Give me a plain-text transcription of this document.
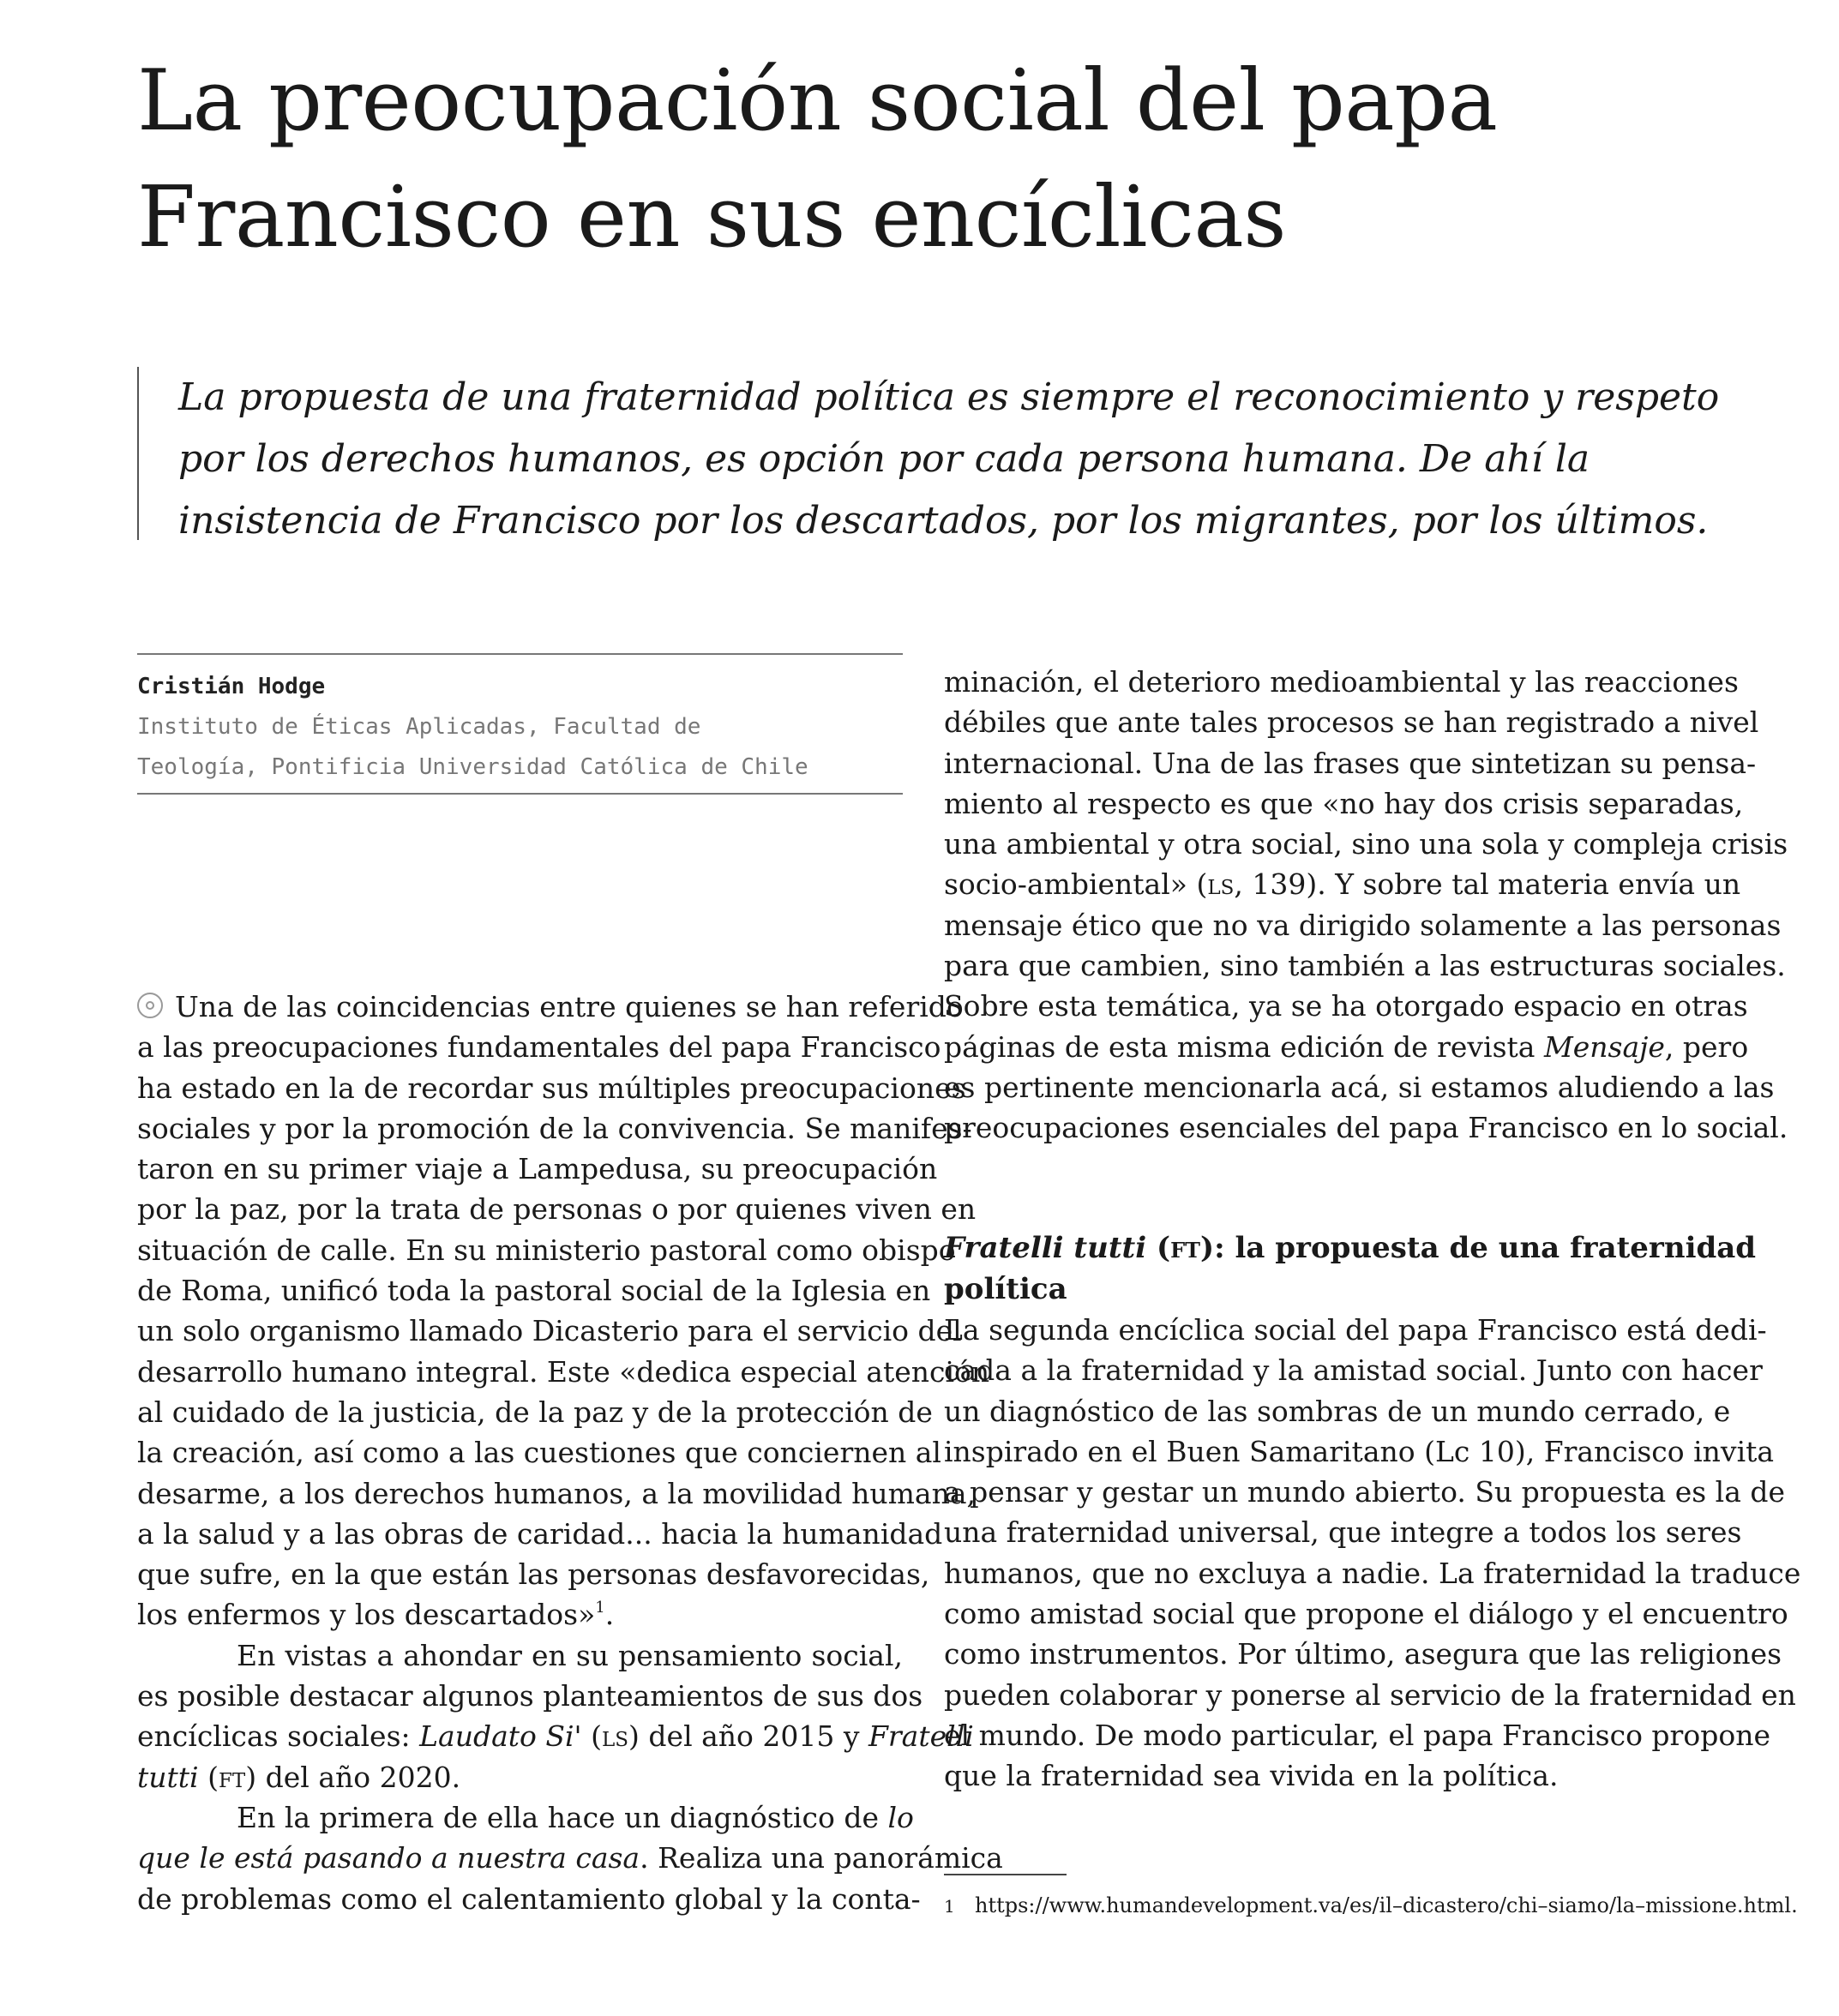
La preocupación social del papa
Francisco en sus encíclicas
La propuesta de una fraternidad política es siempre el reconocimiento y respeto
por los derechos humanos, es opción por cada persona humana. De ahí la
insistencia de Francisco por los descartados, por los migrantes, por los últimos.
Cristián Hodge
Instituto de Éticas Aplicadas, Facultad de
Teología, Pontificia Universidad Católica de Chile
Una de las coincidencias entre quienes se han referido
a las preocupaciones fundamentales del papa Francisco
ha estado en la de recordar sus múltiples preocupaciones
sociales y por la promoción de la convivencia. Se manifes-
taron en su primer viaje a Lampedusa, su preocupación
por la paz, por la trata de personas o por quienes viven en
situación de calle. En su ministerio pastoral como obispo
de Roma, unificó toda la pastoral social de la Iglesia en
un solo organismo llamado Dicasterio para el servicio del
desarrollo humano integral. Este «dedica especial atención
al cuidado de la justicia, de la paz y de la protección de
la creación, así como a las cuestiones que conciernen al
desarme, a los derechos humanos, a la movilidad humana,
a la salud y a las obras de caridad... hacia la humanidad
que sufre, en la que están las personas desfavorecidas,
los enfermos y los descartados»$^1$.
En vistas a ahondar en su pensamiento social,
es posible destacar algunos planteamientos de sus dos
encíclicas sociales: Laudato Si' (ls) del año 2015 y Fratelli
tutti (ft) del año 2020.
En la primera de ella hace un diagnóstico de lo
que le está pasando a nuestra casa. Realiza una panorámica
de problemas como el calentamiento global y la conta-
minación, el deterioro medioambiental y las reacciones
débiles que ante tales procesos se han registrado a nivel
internacional. Una de las frases que sintetizan su pensa-
miento al respecto es que «no hay dos crisis separadas,
una ambiental y otra social, sino una sola y compleja crisis
socio-ambiental» (ls, 139). Y sobre tal materia envía un
mensaje ético que no va dirigido solamente a las personas
para que cambien, sino también a las estructuras sociales.
Sobre esta temática, ya se ha otorgado espacio en otras
páginas de esta misma edición de revista Mensaje, pero
es pertinente mencionarla acá, si estamos aludiendo a las
preocupaciones esenciales del papa Francisco en lo social.
Fratelli tutti (ft): la propuesta de una fraternidad
política
La segunda encíclica social del papa Francisco está dedi-
cada a la fraternidad y la amistad social. Junto con hacer
un diagnóstico de las sombras de un mundo cerrado, e
inspirado en el Buen Samaritano (Lc 10), Francisco invita
a pensar y gestar un mundo abierto. Su propuesta es la de
una fraternidad universal, que integre a todos los seres
humanos, que no excluya a nadie. La fraternidad la traduce
como amistad social que propone el diálogo y el encuentro
como instrumentos. Por último, asegura que las religiones
pueden colaborar y ponerse al servicio de la fraternidad en
el mundo. De modo particular, el papa Francisco propone
que la fraternidad sea vivida en la política.
1 https://www.humandevelopment.va/es/il–dicastero/chi–siamo/la–missione.html.
